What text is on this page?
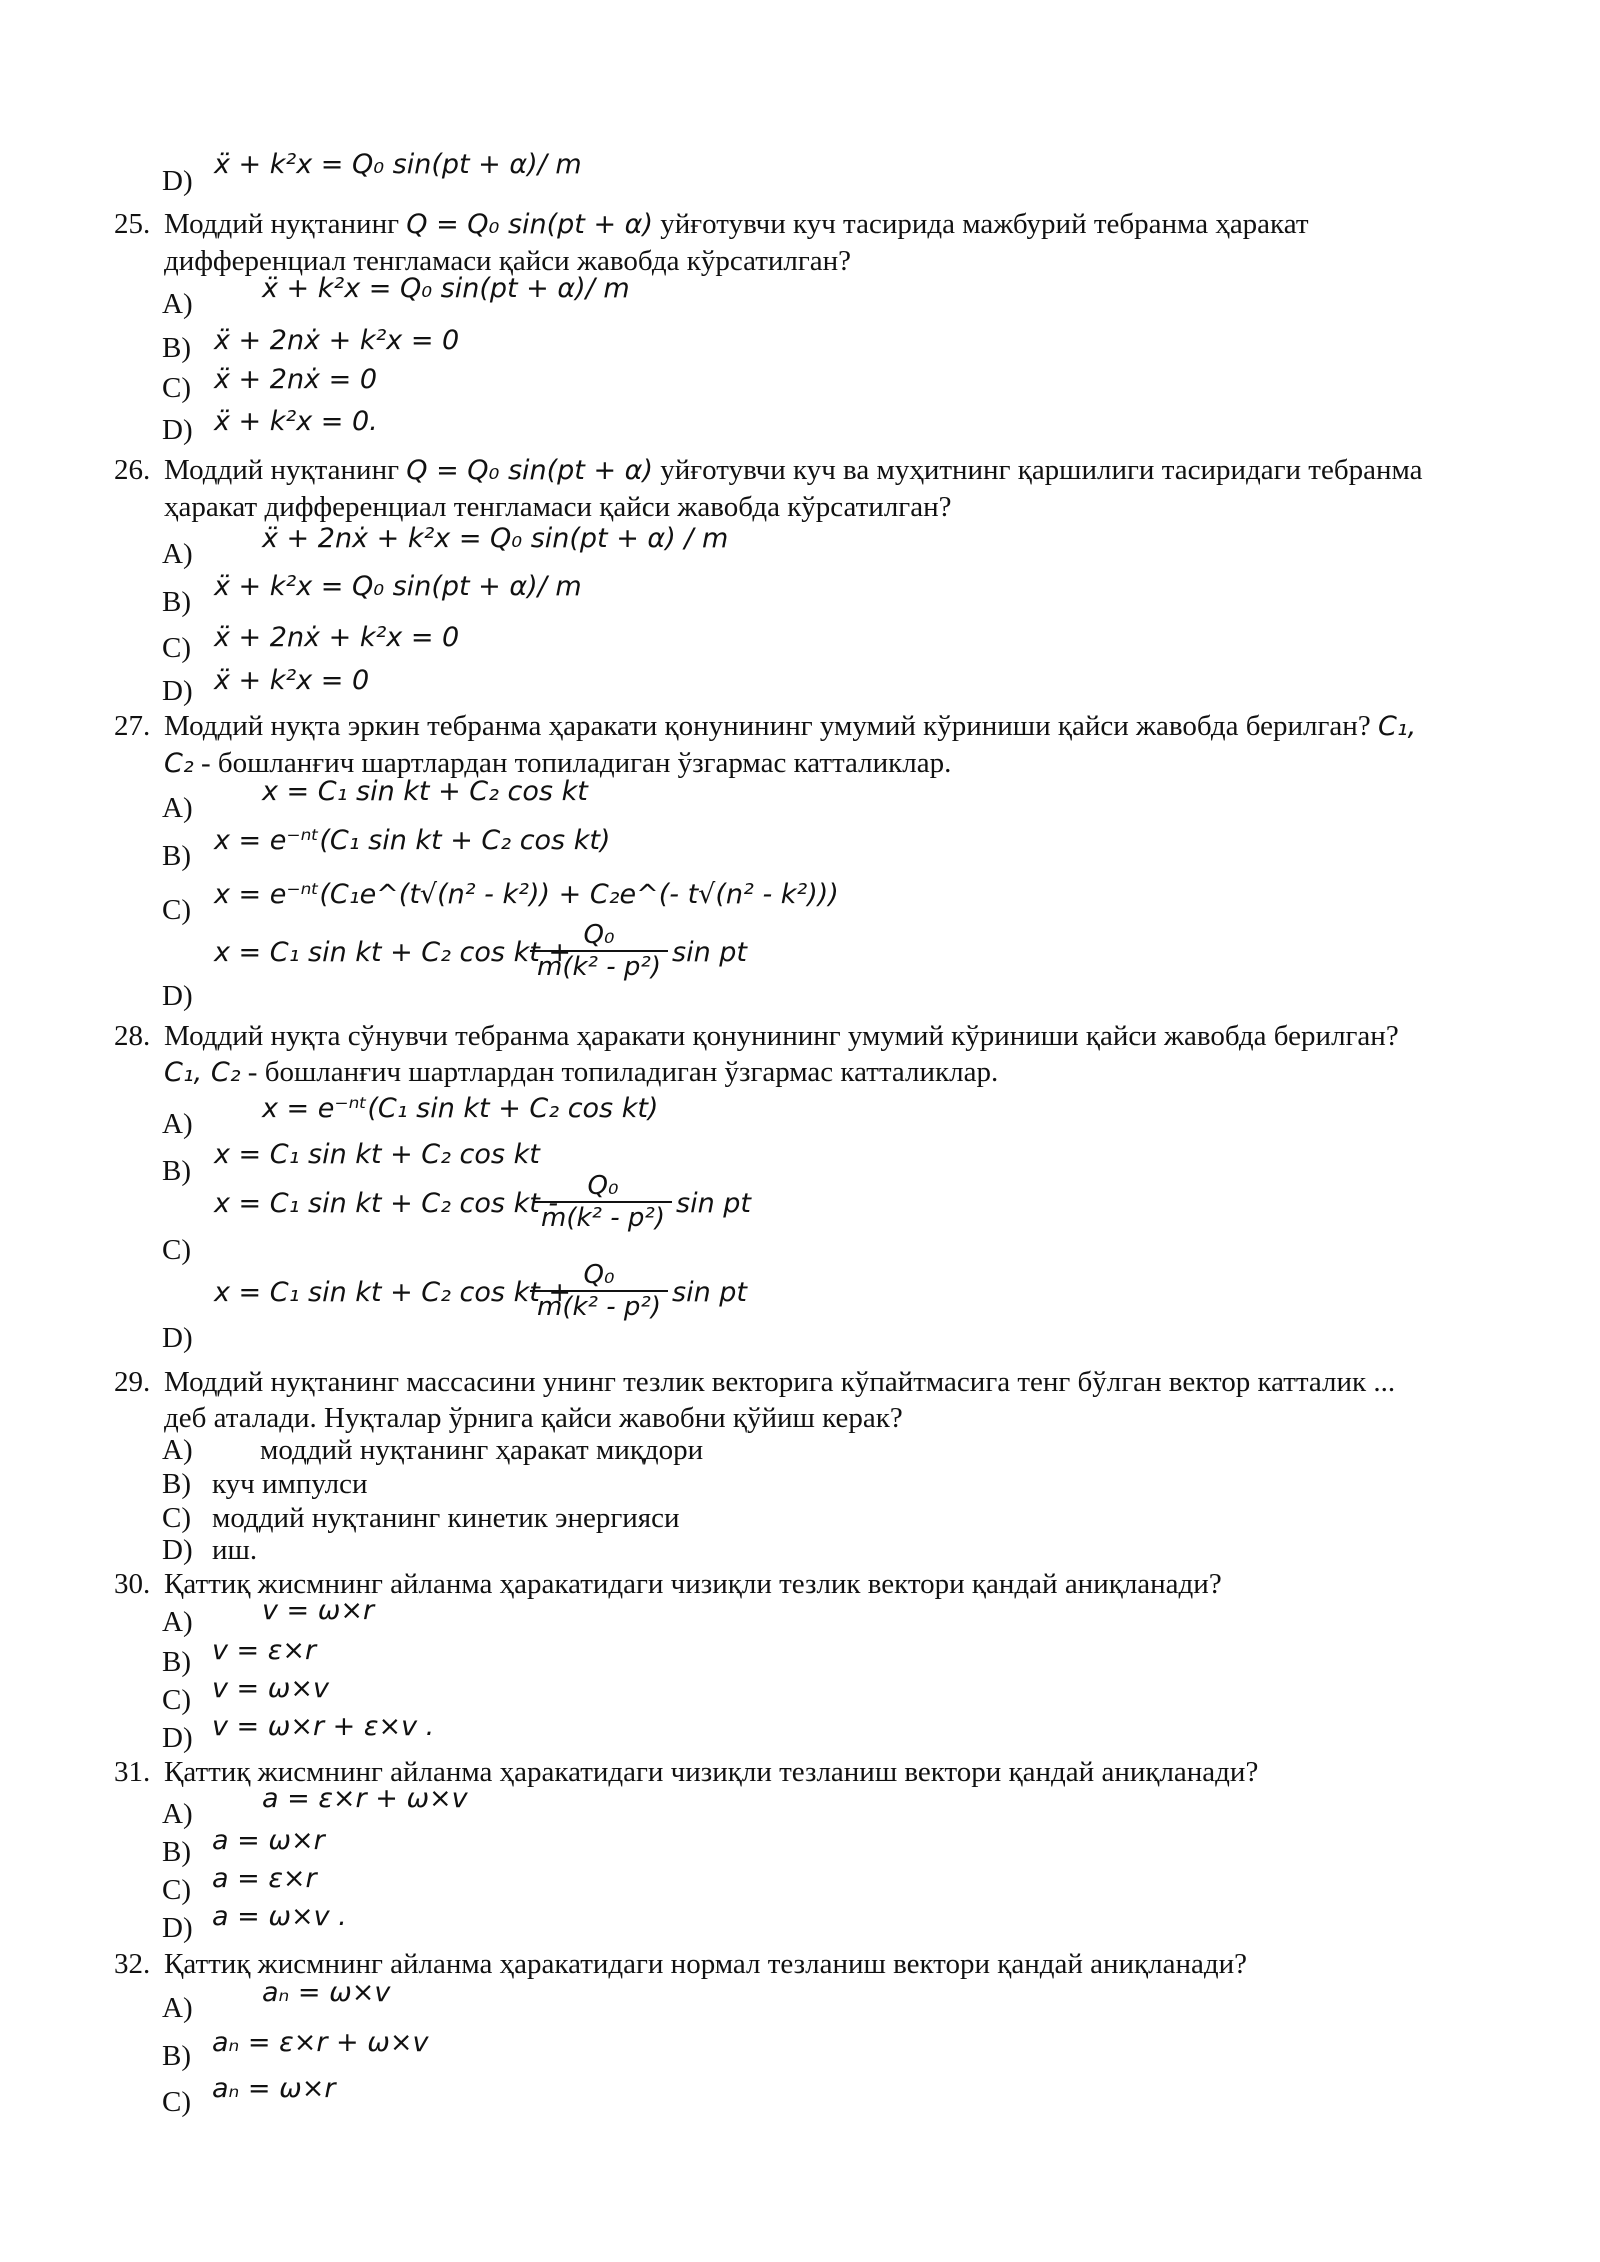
D)
ẍ + k²x = Q₀ sin(pt + α)/ m
25. Моддий нуқтанинг Q = Q₀ sin(pt + α) уйғотувчи куч тасирида мажбурий тебранма ҳаракат дифференциал тенгламаси қайси жавобда кўрсатилган?
A)	ẍ + k²x = Q₀ sin(pt + α)/ m
B) ẍ + 2nẋ + k²x = 0
C) ẍ + 2nẋ = 0
D) ẍ + k²x = 0.
26. Моддий нуқтанинг Q = Q₀ sin(pt + α) уйғотувчи куч ва муҳитнинг қаршилиги тасиридаги тебранма ҳаракат дифференциал тенгламаси қайси жавобда кўрсатилган?
A)	ẍ + 2nẋ + k²x = Q₀ sin(pt + α) / m
B) ẍ + k²x = Q₀ sin(pt + α)/ m
C) ẍ + 2nẋ + k²x = 0
D) ẍ + k²x = 0
27. Моддий нуқта эркин тебранма ҳаракати қонунининг умумий кўриниши қайси жавобда берилган? C₁, C₂ - бошланғич шартлардан топиладиган ўзгармас катталиклар.
A)
x = C₁ sin kt + C₂ cos kt
B) x = e⁻ⁿᵗ(C₁ sin kt + C₂ cos kt)
C) x = e⁻ⁿᵗ(C₁e^(t√(n² - k²)) + C₂e^(- t√(n² - k²)))
D)
x = C₁ sin kt + C₂ cos kt +
Q₀
m(k² - p²) sin pt
28. Моддий нуқта сўнувчи тебранма ҳаракати қонунининг умумий кўриниши қайси жавобда берилган? C₁, C₂ - бошланғич шартлардан топиладиган ўзгармас катталиклар.
A)	x = e⁻ⁿᵗ(C₁ sin kt + C₂ cos kt)
B)
x = C₁ sin kt + C₂ cos kt
C)
x = C₁ sin kt + C₂ cos kt -
Q₀
m(k² - p²) sin pt
D)
x = C₁ sin kt + C₂ cos kt +
Q₀
m(k² - p²) sin pt
29. Моддий нуқтанинг массасини унинг тезлик векторига кўпайтмасига тенг бўлган вектор катталик ... деб аталади. Нуқталар ўрнига қайси жавобни қўйиш керак?
A) моддий нуқтанинг ҳаракат миқдори
B) куч импулси
C) моддий нуқтанинг кинетик энергияси
D) иш.
30. Қаттиқ жисмнинг айланма ҳаракатидаги чизиқли тезлик вектори қандай аниқланади?
A)	v = ω×r
B) v = ε×r
C) v = ω×v
D) v = ω×r + ε×v .
31. Қаттиқ жисмнинг айланма ҳаракатидаги чизиқли тезланиш вектори қандай аниқланади?
A)	a = ε×r + ω×v
B) a = ω×r
C) a = ε×r
D) a = ω×v .
32. Қаттиқ жисмнинг айланма ҳаракатидаги нормал тезланиш вектори қандай аниқланади?
A)	aₙ = ω×v
B) aₙ = ε×r + ω×v
C) aₙ = ω×r
